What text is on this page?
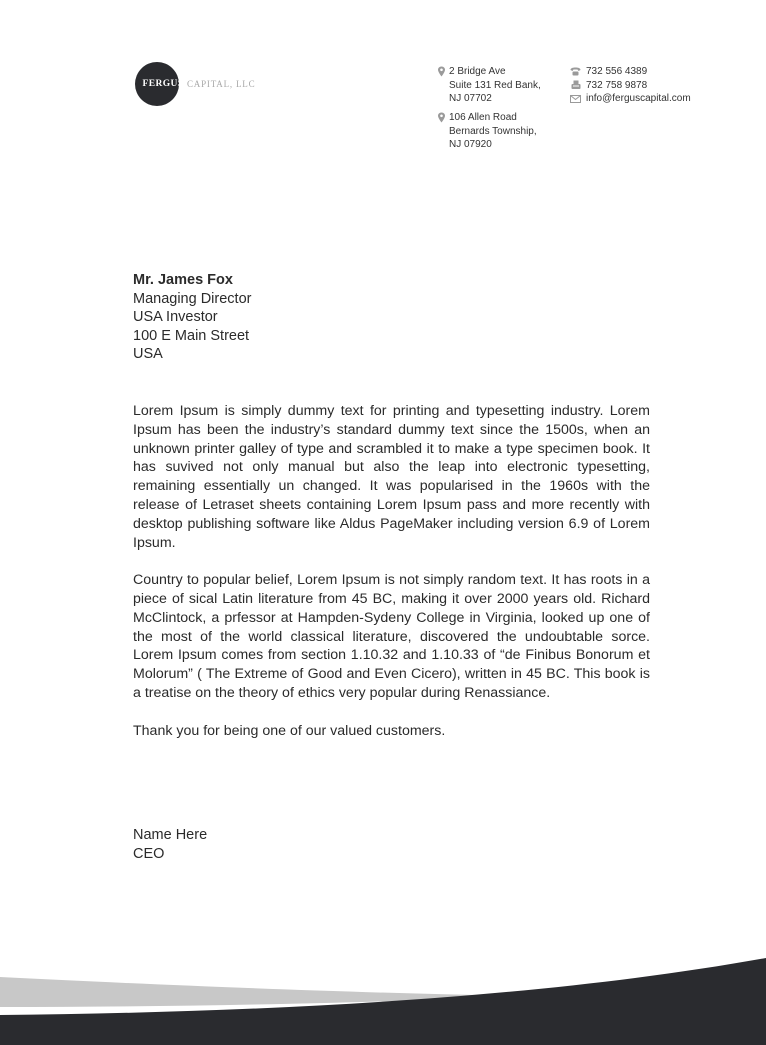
FERGUS CAPITAL, LLC
2 Bridge Ave
Suite 131 Red Bank,
NJ 07702
106 Allen Road
Bernards Township,
NJ 07920
732 556 4389
732 758 9878
info@ferguscapital.com
Mr. James Fox
Managing Director
USA Investor
100 E Main Street
USA

Lorem Ipsum is simply dummy text for printing and typesetting industry. Lorem Ipsum has been the industry’s standard dummy text since the 1500s, when an unknown printer galley of type and scrambled it to make a type specimen book. It has suvived not only manual but also the leap into electronic typesetting, remaining essentially un changed. It was popularised in the 1960s with the release of Letraset sheets containing Lorem Ipsum pass and more recently with desktop publishing software like Aldus PageMaker including version 6.9 of Lorem Ipsum.

Country to popular belief, Lorem Ipsum is not simply random text. It has roots in a piece of sical Latin literature from 45 BC, making it over 2000 years old. Richard McClintock, a prfessor at Hampden-Sydeny College in Virginia, looked up one of the most of the world classical literature, discovered the undoubtable sorce. Lorem Ipsum comes from section 1.10.32 and 1.10.33 of “de Finibus Bonorum et Molorum” ( The Extreme of Good and Even Cicero), written in 45 BC. This book is a treatise on the theory of ethics very popular during Renassiance.

Thank you for being one of our valued customers.

Name Here
CEO
